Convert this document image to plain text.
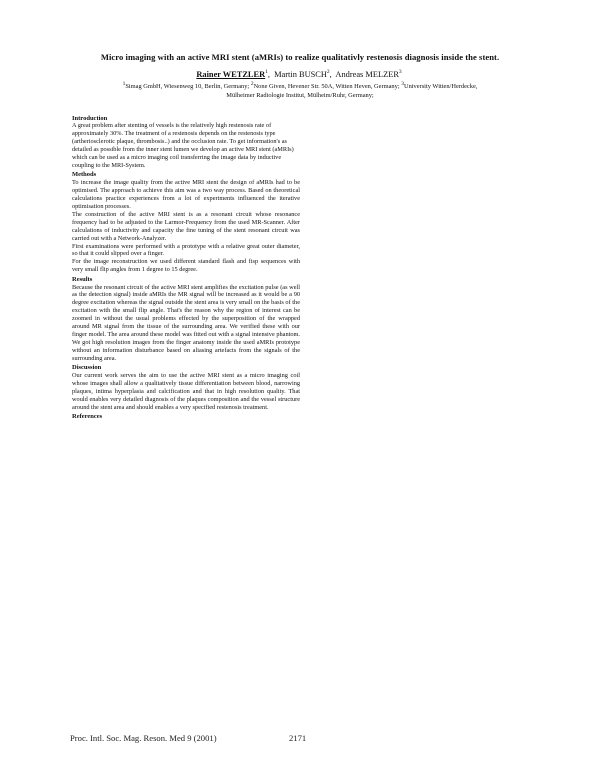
Micro imaging with an active MRI stent (aMRIs) to realize qualitativly restenosis diagnosis inside the stent.
Rainer WETZLER$^1$, Martin BUSCH$^2$, Andreas MELZER$^3$
$^1$Simag GmbH, Wiesenweg 10, Berlin, Germany; $^2$None Given, Hevener Str. 50A, Witten Heven, Germany; $^3$University Witten/Herdecke,
Mülheimer Radiologie Institut, Mülheim/Ruhr, Germany;
Introduction

A great problem after stenting of vessels is the relatively high restenosis rate of approximately 30%. The treatment of a restenosis depends on the restenosis type (artheriosclerotic plaque, thrombosis..) and the occlusion rate. To get information's as detailed as possible from the inner stent lumen we develop an active MRI stent (aMRIs) which can be used as a micro imaging coil transferring the image data by inductive coupling to the MRI-System.

Methods

To increase the image quality from the active MRI stent the design of aMRIs had to be optimised. The approach to achieve this aim was a two way process. Based on theoretical calculations practice experiences from a lot of experiments influenced the iterative optimisation processes.

The construction of the active MRI stent is as a resonant circuit whose resonance frequency had to be adjusted to the Larmor-Frequency from the used MR-Scanner. After calculations of inductivity and capacity the fine tuning of the stent resonant circuit was carried out with a Network-Analyzer.

First examinations were performed with a prototype with a relative great outer diameter, so that it could slipped over a finger.

For the image reconstruction we used different standard flash and fisp sequences with very small flip angles from 1 degree to 15 degree.

Results

Because the resonant circuit of the active MRI stent amplifies the excitation pulse (as well as the detection signal) inside aMRIs the MR signal will be increased as it would be a 90 degree excitation whereas the signal outside the stent area is very small on the basis of the excitation with the small flip angle. That's the reason why the region of interest can be zoomed in without the usual problems effected by the superposition of the wrapped around MR signal from the tissue of the surrounding area. We verified these with our finger model. The area around these model was fitted out with a signal intensive phantom. We got high resolution images from the finger anatomy inside the used aMRIs prototype without an information disturbance based on aliasing artefacts from the signals of the surrounding area.

Discussion

Our current work serves the aim to use the active MRI stent as a micro imaging coil whose images shall allow a qualitatively tissue differentiation between blood, narrowing plaques, intima hyperplasia and calcification and that in high resolution quality. That would enables very detailed diagnosis of the plaques composition and the vessel structure around the stent area and should enables a very specified restenosis treatment.

References
Proc. Intl. Soc. Mag. Reson. Med 9 (2001)	2171
